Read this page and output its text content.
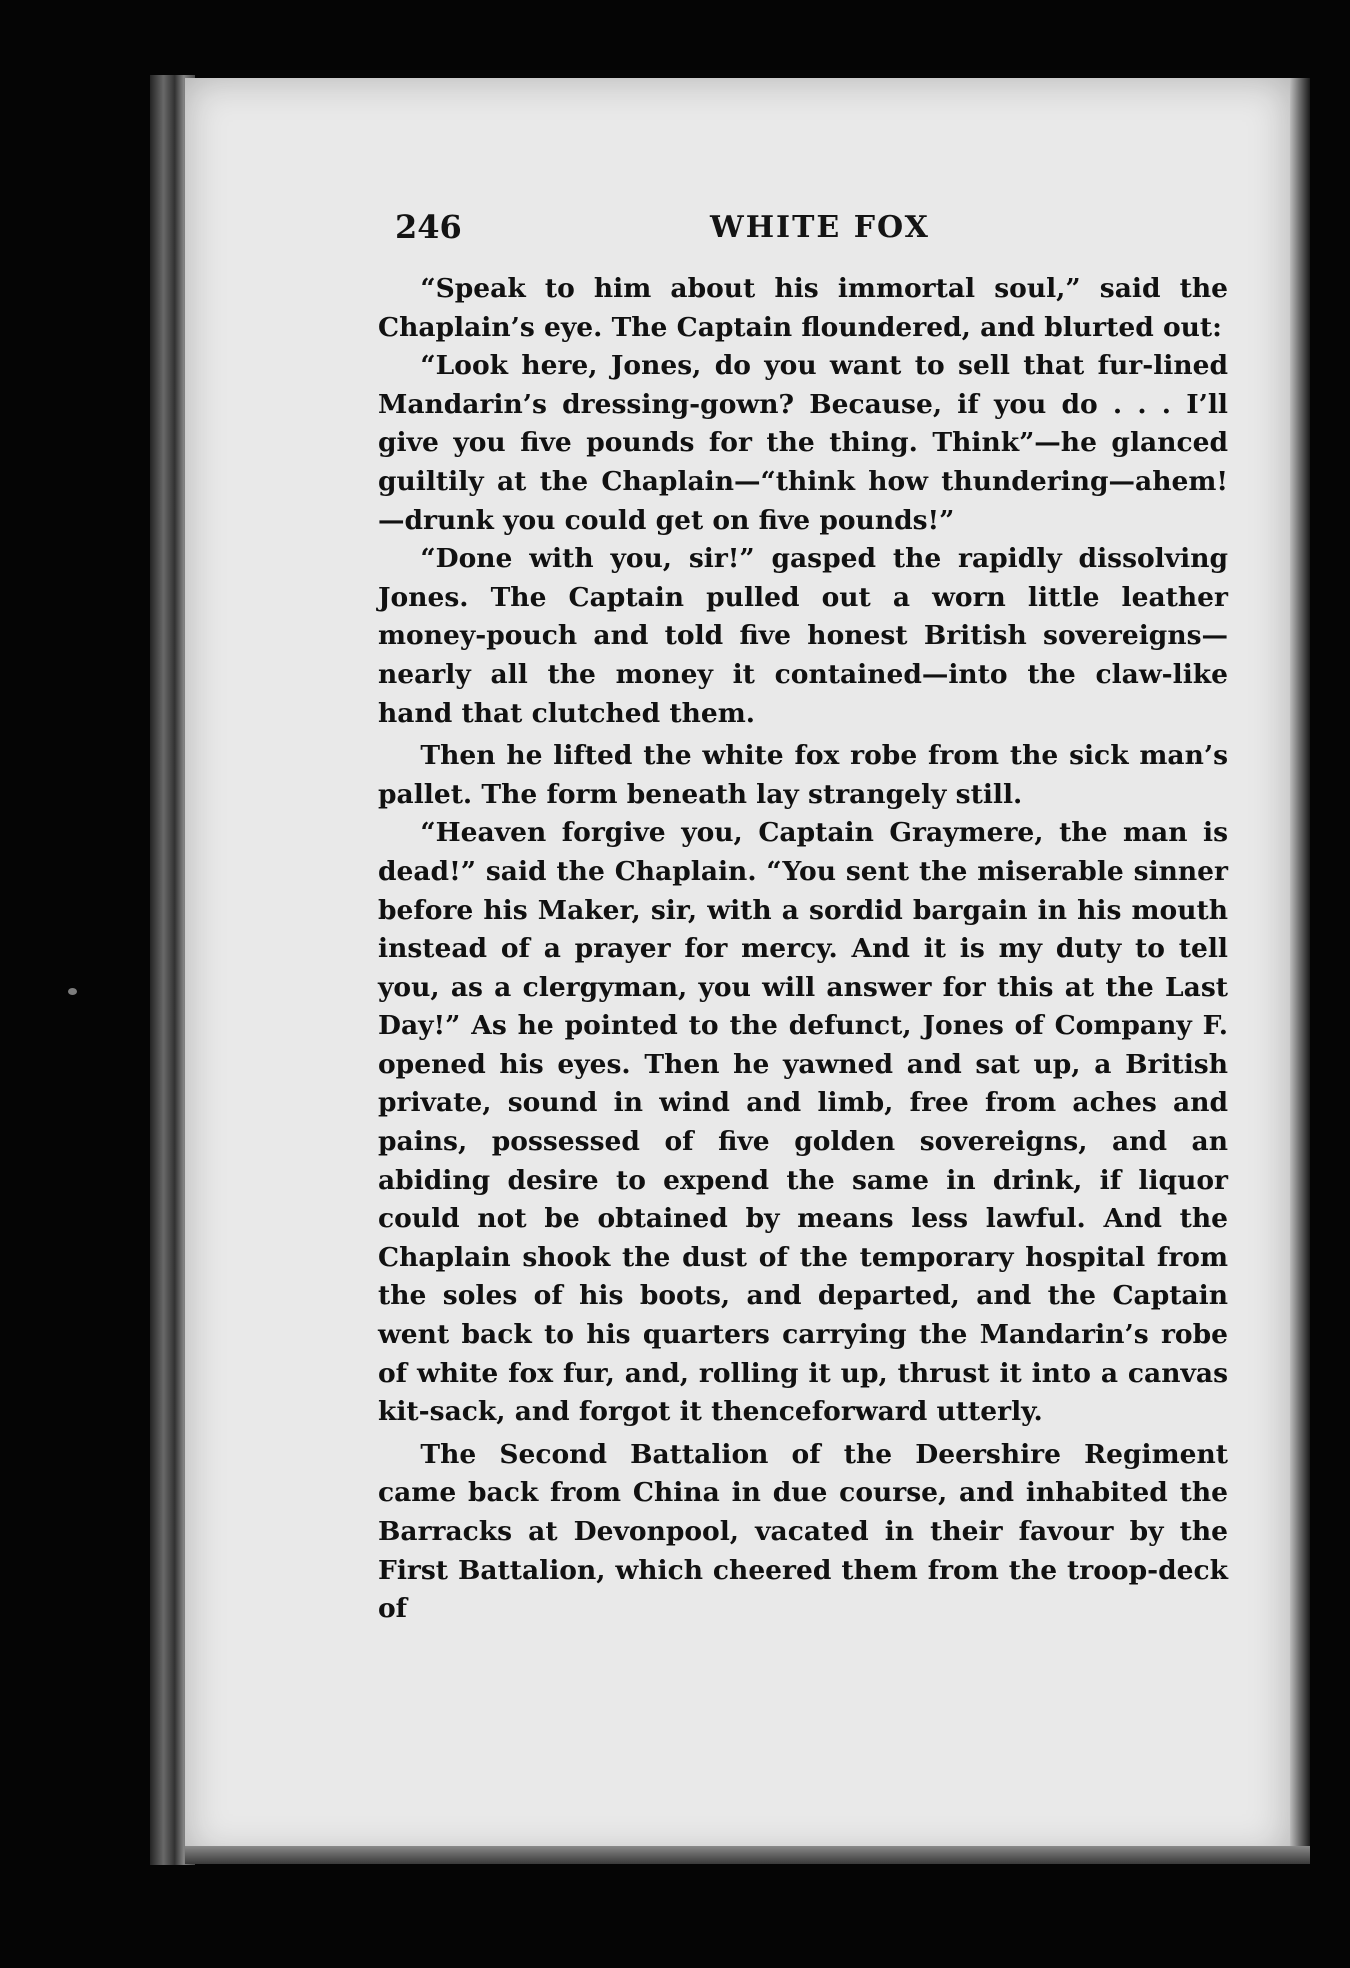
246	WHITE FOX

“Speak to him about his immortal soul,” said the Chaplain’s eye. The Captain floundered, and blurted out:

“Look here, Jones, do you want to sell that fur-lined Mandarin’s dressing-gown? Because, if you do . . . I’ll give you five pounds for the thing. Think”—he glanced guiltily at the Chaplain—“think how thundering—ahem! —drunk you could get on five pounds!”

“Done with you, sir!” gasped the rapidly dissolving Jones. The Captain pulled out a worn little leather money-pouch and told five honest British sovereigns—nearly all the money it contained—into the claw-like hand that clutched them.

Then he lifted the white fox robe from the sick man’s pallet. The form beneath lay strangely still.

“Heaven forgive you, Captain Graymere, the man is dead!” said the Chaplain. “You sent the miserable sinner before his Maker, sir, with a sordid bargain in his mouth instead of a prayer for mercy. And it is my duty to tell you, as a clergyman, you will answer for this at the Last Day!” As he pointed to the defunct, Jones of Company F. opened his eyes. Then he yawned and sat up, a British private, sound in wind and limb, free from aches and pains, possessed of five golden sovereigns, and an abiding desire to expend the same in drink, if liquor could not be obtained by means less lawful. And the Chaplain shook the dust of the temporary hospital from the soles of his boots, and departed, and the Captain went back to his quarters carrying the Mandarin’s robe of white fox fur, and, rolling it up, thrust it into a canvas kit-sack, and forgot it thenceforward utterly.

The Second Battalion of the Deershire Regiment came back from China in due course, and inhabited the Barracks at Devonpool, vacated in their favour by the First Battalion, which cheered them from the troop-deck of
